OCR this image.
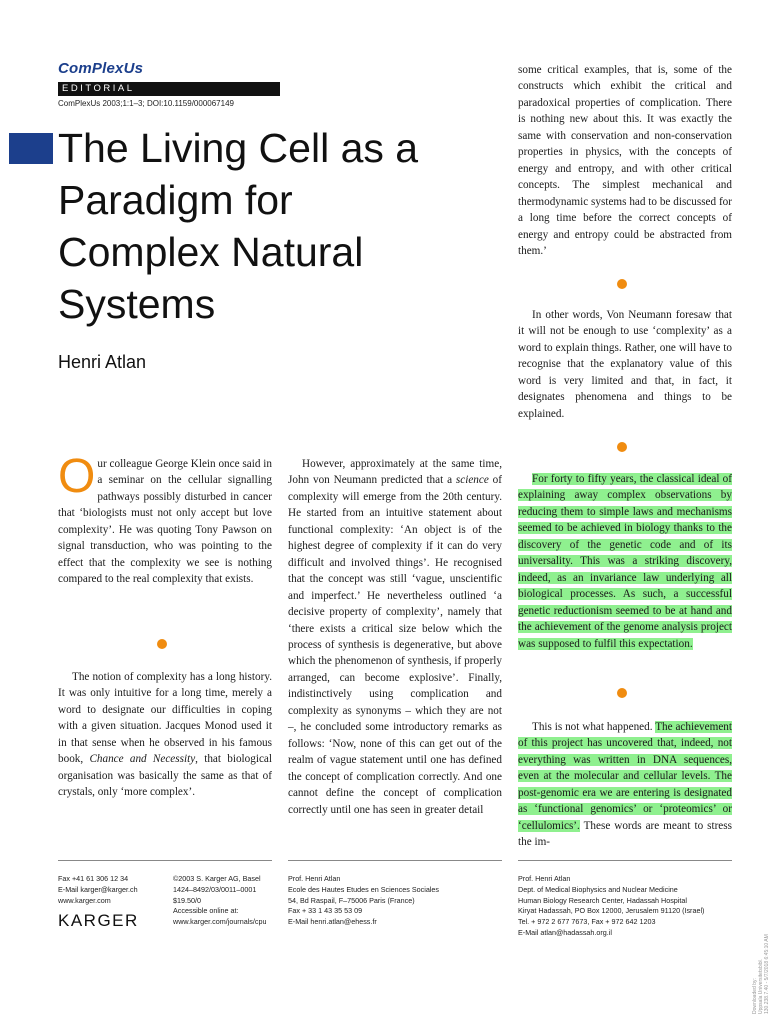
ComPlexUs
EDITORIAL
ComPlexUs 2003;1:1–3; DOI:10.1159/000067149
The Living Cell as a Paradigm for Complex Natural Systems
Henri Atlan

Our colleague George Klein once said in a seminar on the cellular signalling pathways possibly disturbed in cancer that ‘biologists must not only accept but love complexity’. He was quoting Tony Pawson on signal transduction, who was pointing to the effect that the complexity we see is nothing compared to the real complexity that exists.

The notion of complexity has a long history. It was only intuitive for a long time, merely a word to designate our difficulties in coping with a given situation. Jacques Monod used it in that sense when he observed in his famous book, Chance and Necessity, that biological organisation was basically the same as that of crystals, only ‘more complex’.

However, approximately at the same time, John von Neumann predicted that a science of complexity will emerge from the 20th century. He started from an intuitive statement about functional complexity: ‘An object is of the highest degree of complexity if it can do very difficult and involved things’. He recognised that the concept was still ‘vague, unscientific and imperfect.’ He nevertheless outlined ‘a decisive property of complexity’, namely that ‘there exists a critical size below which the process of synthesis is degenerative, but above which the phenomenon of synthesis, if properly arranged, can become explosive’. Finally, indistinctively using complication and complexity as synonyms – which they are not –, he concluded some introductory remarks as follows: ‘Now, none of this can get out of the realm of vague statement until one has defined the concept of complication correctly. And one cannot define the concept of complication correctly until one has seen in greater detail

some critical examples, that is, some of the constructs which exhibit the critical and paradoxical properties of complication. There is nothing new about this. It was exactly the same with conservation and non-conservation properties in physics, with the concepts of energy and entropy, and with other critical concepts. The simplest mechanical and thermodynamic systems had to be discussed for a long time before the correct concepts of energy and entropy could be abstracted from them.’

In other words, Von Neumann foresaw that it will not be enough to use ‘complexity’ as a word to explain things. Rather, one will have to recognise that the explanatory value of this word is very limited and that, in fact, it designates phenomena and things to be explained.

For forty to fifty years, the classical ideal of explaining away complex observations by reducing them to simple laws and mechanisms seemed to be achieved in biology thanks to the discovery of the genetic code and of its universality. This was a striking discovery, indeed, as an invariance law underlying all biological processes. As such, a successful genetic reductionism seemed to be at hand and the achievement of the genome analysis project was supposed to fulfil this expectation.

This is not what happened. The achievement of this project has uncovered that, indeed, not everything was written in DNA sequences, even at the molecular and cellular levels. The post-genomic era we are entering is designated as ‘functional genomics’ or ‘proteomics’ or ‘cellulomics’. These words are meant to stress the im-

Fax +41 61 306 12 34
E-Mail karger@karger.ch
www.karger.com
KARGER
©2003 S. Karger AG, Basel
1424–8492/03/0011–0001
$19.50/0
Accessible online at:
www.karger.com/journals/cpu
Prof. Henri Atlan
Ecole des Hautes Etudes en Sciences Sociales
54, Bd Raspail, F–75006 Paris (France)
Fax + 33 1 43 35 53 09
E-Mail henri.atlan@ehess.fr
Prof. Henri Atlan
Dept. of Medical Biophysics and Nuclear Medicine
Human Biology Research Center, Hadassah Hospital
Kiryat Hadassah, PO Box 12000, Jerusalem 91120 (Israel)
Tel. + 972 2 677 7673, Fax + 972 642 1203
E-Mail atlan@hadassah.org.il
Downloaded by: Uppsala Universitetsbibl. 130.238.7.40 - 5/7/2018 6:45:10 AM
